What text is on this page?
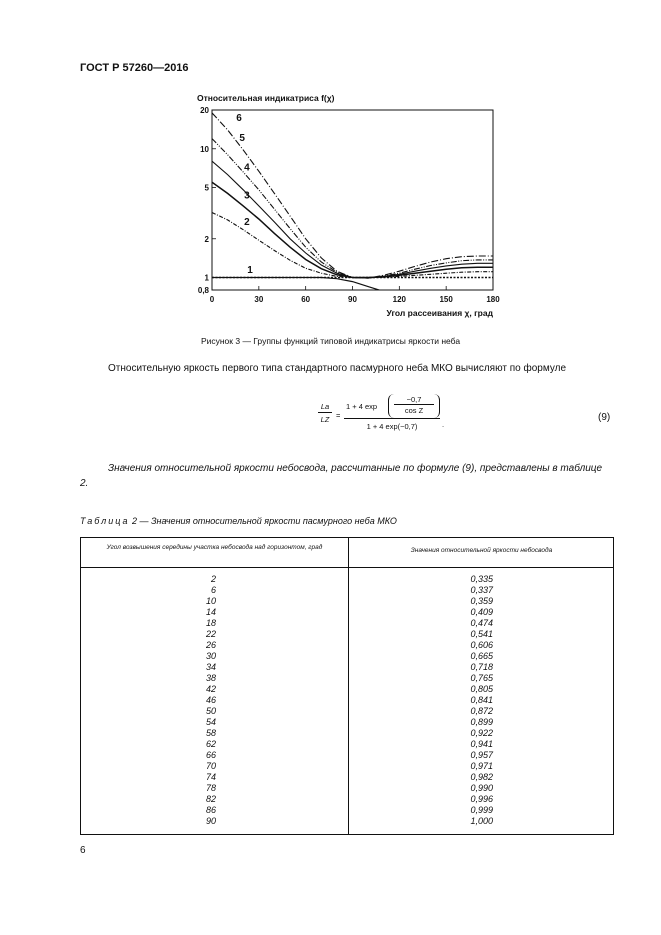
ГОСТ Р 57260—2016
Относительная индикатриса f(χ)
0,8
1
2
5
10
20
0	30	60	90	120	150	180
Угол рассеивания χ, град
1
2
3
4
5
6
Рисунок 3 — Группы функций типовой индикатрисы яркости неба
Относительную яркость первого типа стандартного пасмурного неба МКО вычисляют по формуле
$\frac{La}{LZ} = 1 + 4$ exp
−0,7
cos Z
1 + 4 exp(−0,7) .
(9)
Значения относительной яркости небосвода, рассчитанные по формуле (9), представлены в таблице 2.
Таблица 2 — Значения относительной яркости пасмурного неба МКО
Угол возвышения середины участка небосвода над горизонтом, град	Значения относительной яркости небосвода
2	0,335
6	0,337
10	0,359
14	0,409
18	0,474
22	0,541
26	0,606
30	0,665
34	0,718
38	0,765
42	0,805
46	0,841
50	0,872
54	0,899
58	0,922
62	0,941
66	0,957
70	0,971
74	0,982
78	0,990
82	0,996
86	0,999
90	1,000
6
